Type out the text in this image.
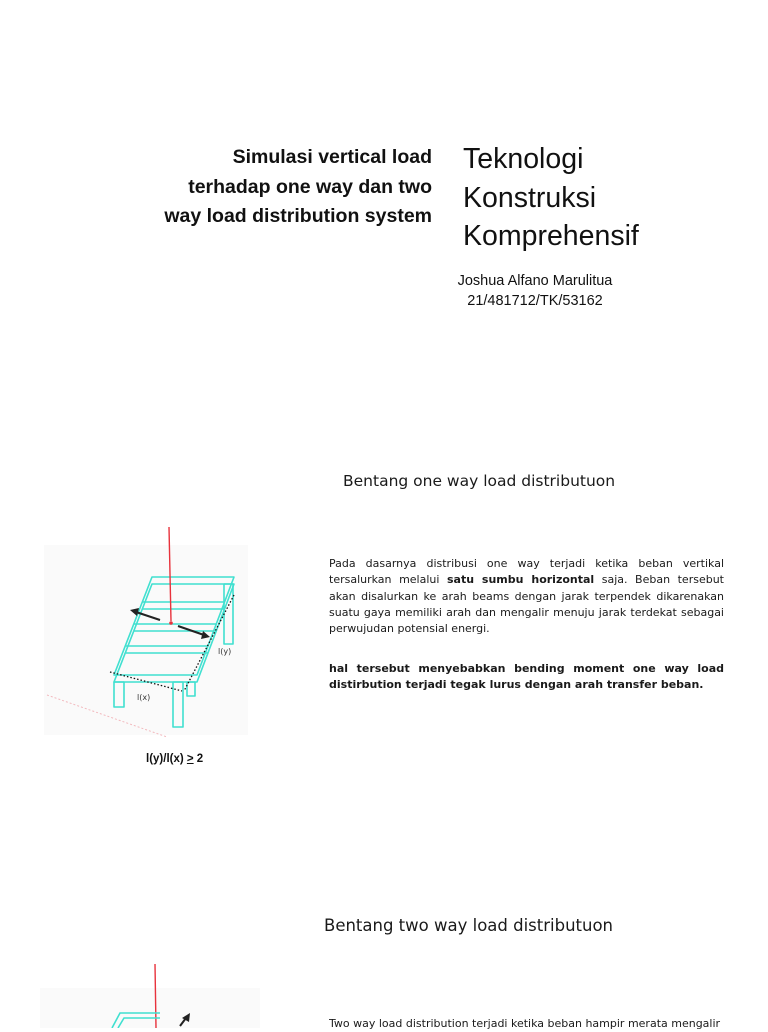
Simulasi vertical load terhadap one way dan two way load distribution system
Teknologi
Konstruksi
Komprehensif
Joshua Alfano Marulitua
21/481712/TK/53162
Bentang one way load distributuon
l(y)
l(x)
l(y)/l(x) > 2
Pada dasarnya distribusi one way terjadi ketika beban vertikal tersalurkan melalui satu sumbu horizontal saja. Beban tersebut akan disalurkan ke arah beams dengan jarak terpendek dikarenakan suatu gaya memiliki arah dan mengalir menuju jarak terdekat sebagai perwujudan potensial energi.
hal tersebut menyebabkan bending moment one way load distirbution terjadi tegak lurus dengan arah transfer beban.
Bentang two way load distributuon
Two way load distribution terjadi ketika beban hampir merata mengalir
